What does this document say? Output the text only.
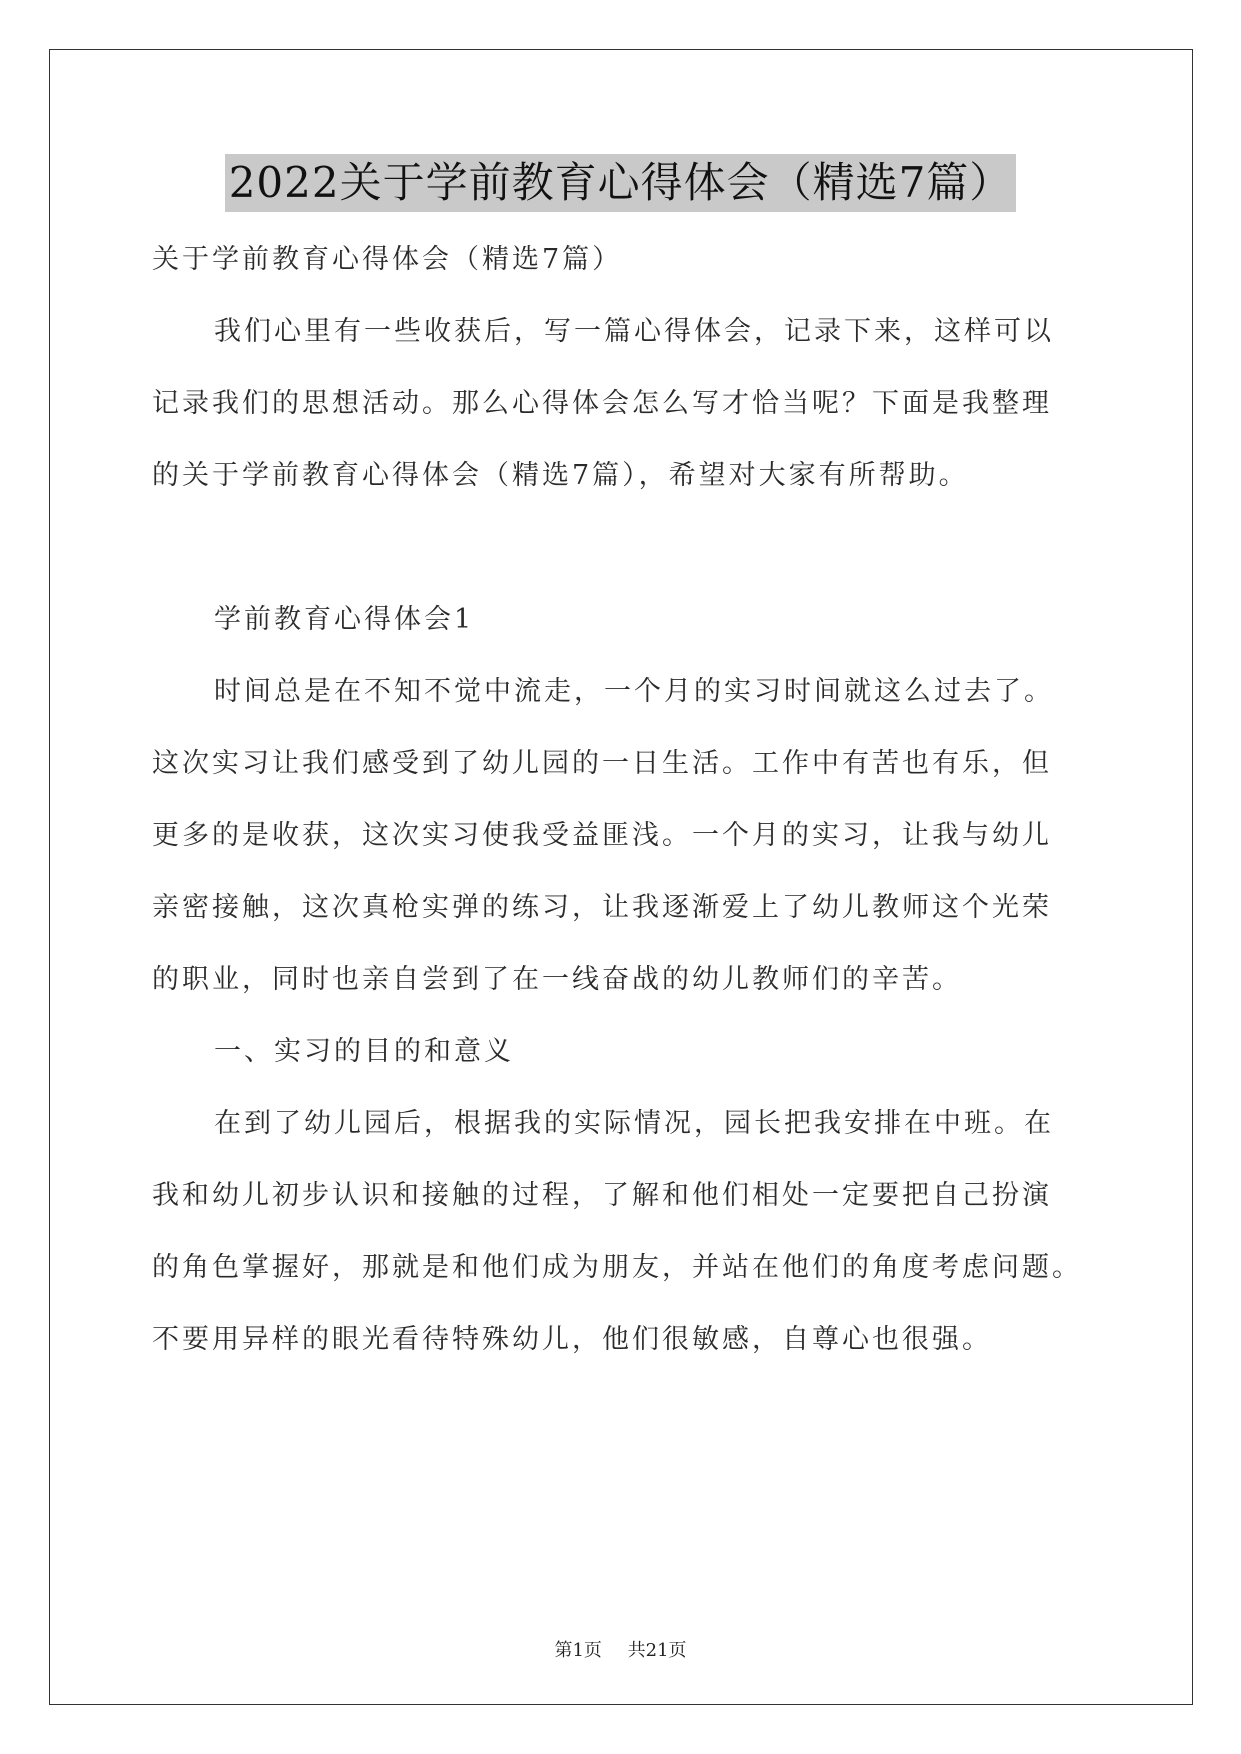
2022关于学前教育心得体会（精选7篇）

关于学前教育心得体会（精选7篇）

我们心里有一些收获后，写一篇心得体会，记录下来，这样可以

记录我们的思想活动。那么心得体会怎么写才恰当呢？下面是我整理

的关于学前教育心得体会（精选7篇），希望对大家有所帮助。

学前教育心得体会1

时间总是在不知不觉中流走，一个月的实习时间就这么过去了。

这次实习让我们感受到了幼儿园的一日生活。工作中有苦也有乐，但

更多的是收获，这次实习使我受益匪浅。一个月的实习，让我与幼儿

亲密接触，这次真枪实弹的练习，让我逐渐爱上了幼儿教师这个光荣

的职业，同时也亲自尝到了在一线奋战的幼儿教师们的辛苦。

一、实习的目的和意义

在到了幼儿园后，根据我的实际情况，园长把我安排在中班。在

我和幼儿初步认识和接触的过程，了解和他们相处一定要把自己扮演

的角色掌握好，那就是和他们成为朋友，并站在他们的角度考虑问题。

不要用异样的眼光看待特殊幼儿，他们很敏感，自尊心也很强。

第1页 共21页
